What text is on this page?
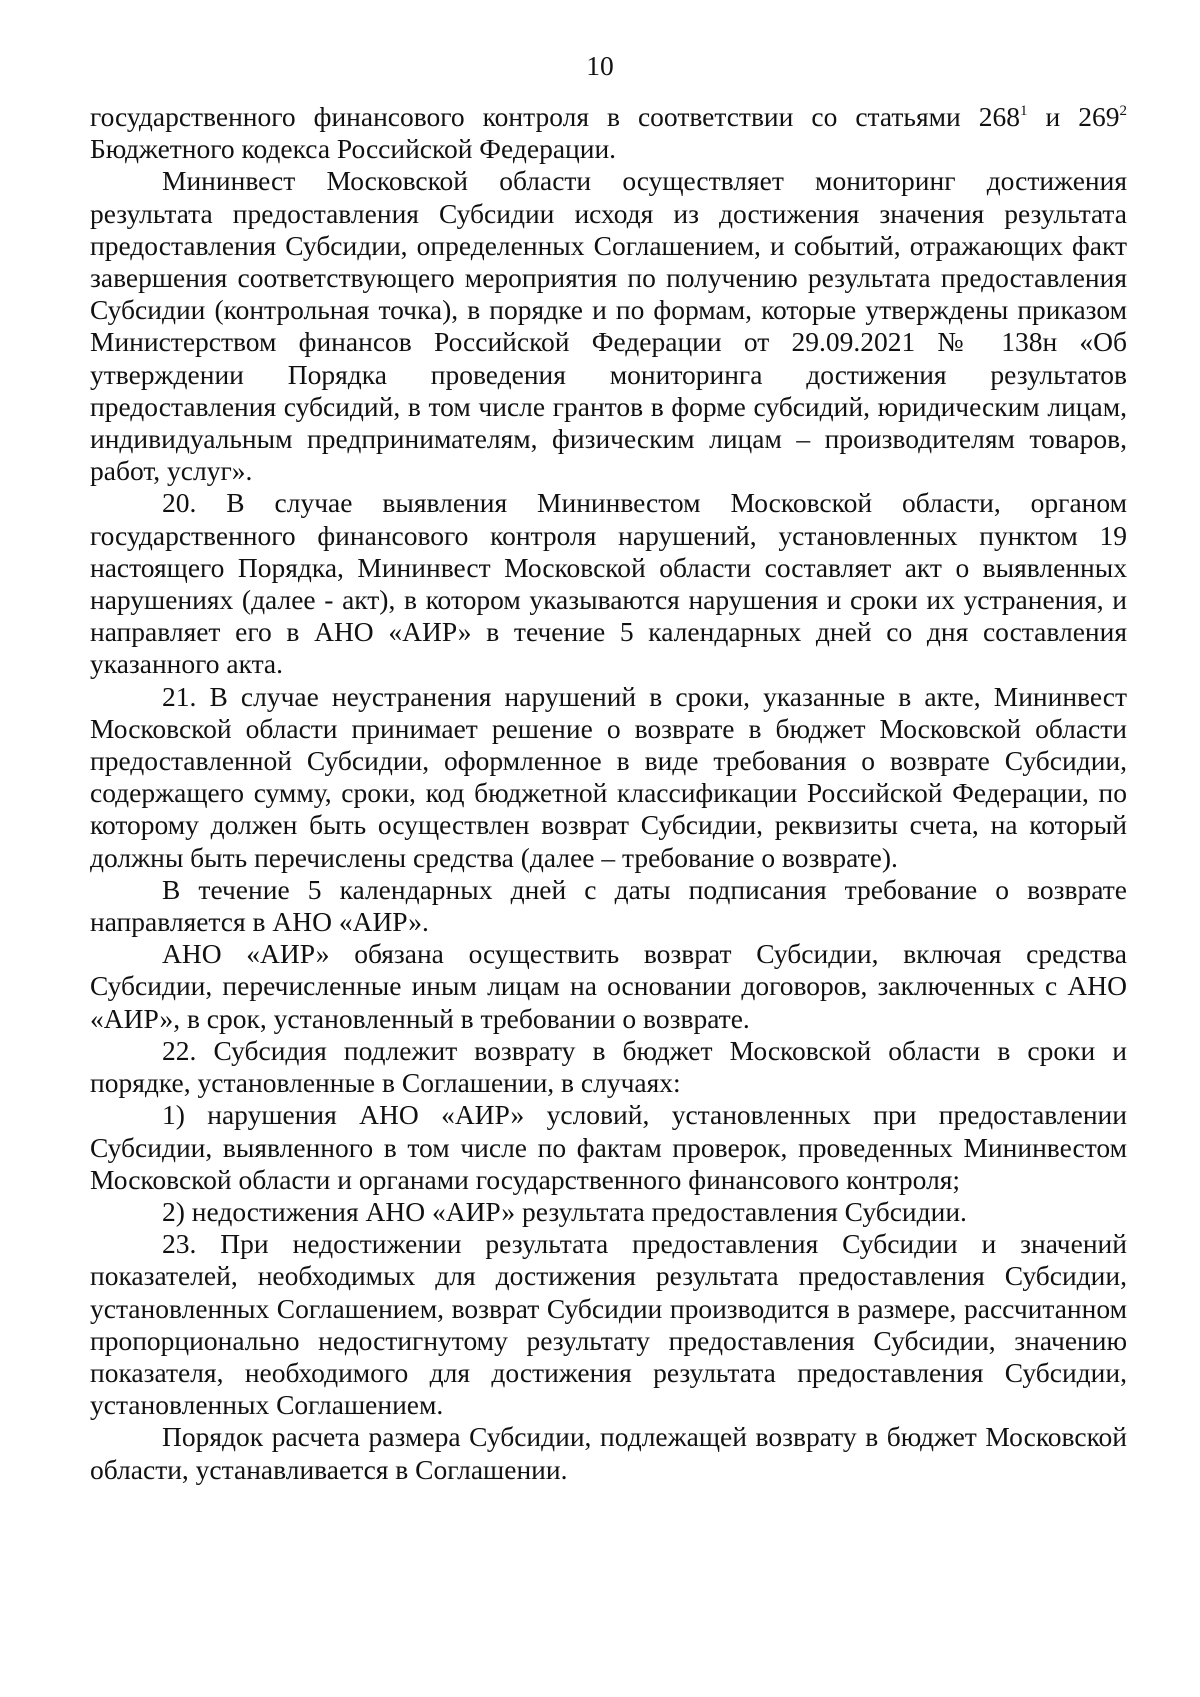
10

государственного финансового контроля в соответствии со статьями $268^1$ и $269^2$ Бюджетного кодекса Российской Федерации.

Мининвест Московской области осуществляет мониторинг достижения результата предоставления Субсидии исходя из достижения значения результата предоставления Субсидии, определенных Соглашением, и событий, отражающих факт завершения соответствующего мероприятия по получению результата предоставления Субсидии (контрольная точка), в порядке и по формам, которые утверждены приказом Министерством финансов Российской Федерации от 29.09.2021 № 138н «Об утверждении Порядка проведения мониторинга достижения результатов предоставления субсидий, в том числе грантов в форме субсидий, юридическим лицам, индивидуальным предпринимателям, физическим лицам – производителям товаров, работ, услуг».

20. В случае выявления Мининвестом Московской области, органом государственного финансового контроля нарушений, установленных пунктом 19 настоящего Порядка, Мининвест Московской области составляет акт о выявленных нарушениях (далее - акт), в котором указываются нарушения и сроки их устранения, и направляет его в АНО «АИР» в течение 5 календарных дней со дня составления указанного акта.

21. В случае неустранения нарушений в сроки, указанные в акте, Мининвест Московской области принимает решение о возврате в бюджет Московской области предоставленной Субсидии, оформленное в виде требования о возврате Субсидии, содержащего сумму, сроки, код бюджетной классификации Российской Федерации, по которому должен быть осуществлен возврат Субсидии, реквизиты счета, на который должны быть перечислены средства (далее – требование о возврате).

В течение 5 календарных дней с даты подписания требование о возврате направляется в АНО «АИР».

АНО «АИР» обязана осуществить возврат Субсидии, включая средства Субсидии, перечисленные иным лицам на основании договоров, заключенных с АНО «АИР», в срок, установленный в требовании о возврате.

22. Субсидия подлежит возврату в бюджет Московской области в сроки и порядке, установленные в Соглашении, в случаях:

1) нарушения АНО «АИР» условий, установленных при предоставлении Субсидии, выявленного в том числе по фактам проверок, проведенных Мининвестом Московской области и органами государственного финансового контроля;

2) недостижения АНО «АИР» результата предоставления Субсидии.

23. При недостижении результата предоставления Субсидии и значений показателей, необходимых для достижения результата предоставления Субсидии, установленных Соглашением, возврат Субсидии производится в размере, рассчитанном пропорционально недостигнутому результату предоставления Субсидии, значению показателя, необходимого для достижения результата предоставления Субсидии, установленных Соглашением.

Порядок расчета размера Субсидии, подлежащей возврату в бюджет Московской области, устанавливается в Соглашении.
